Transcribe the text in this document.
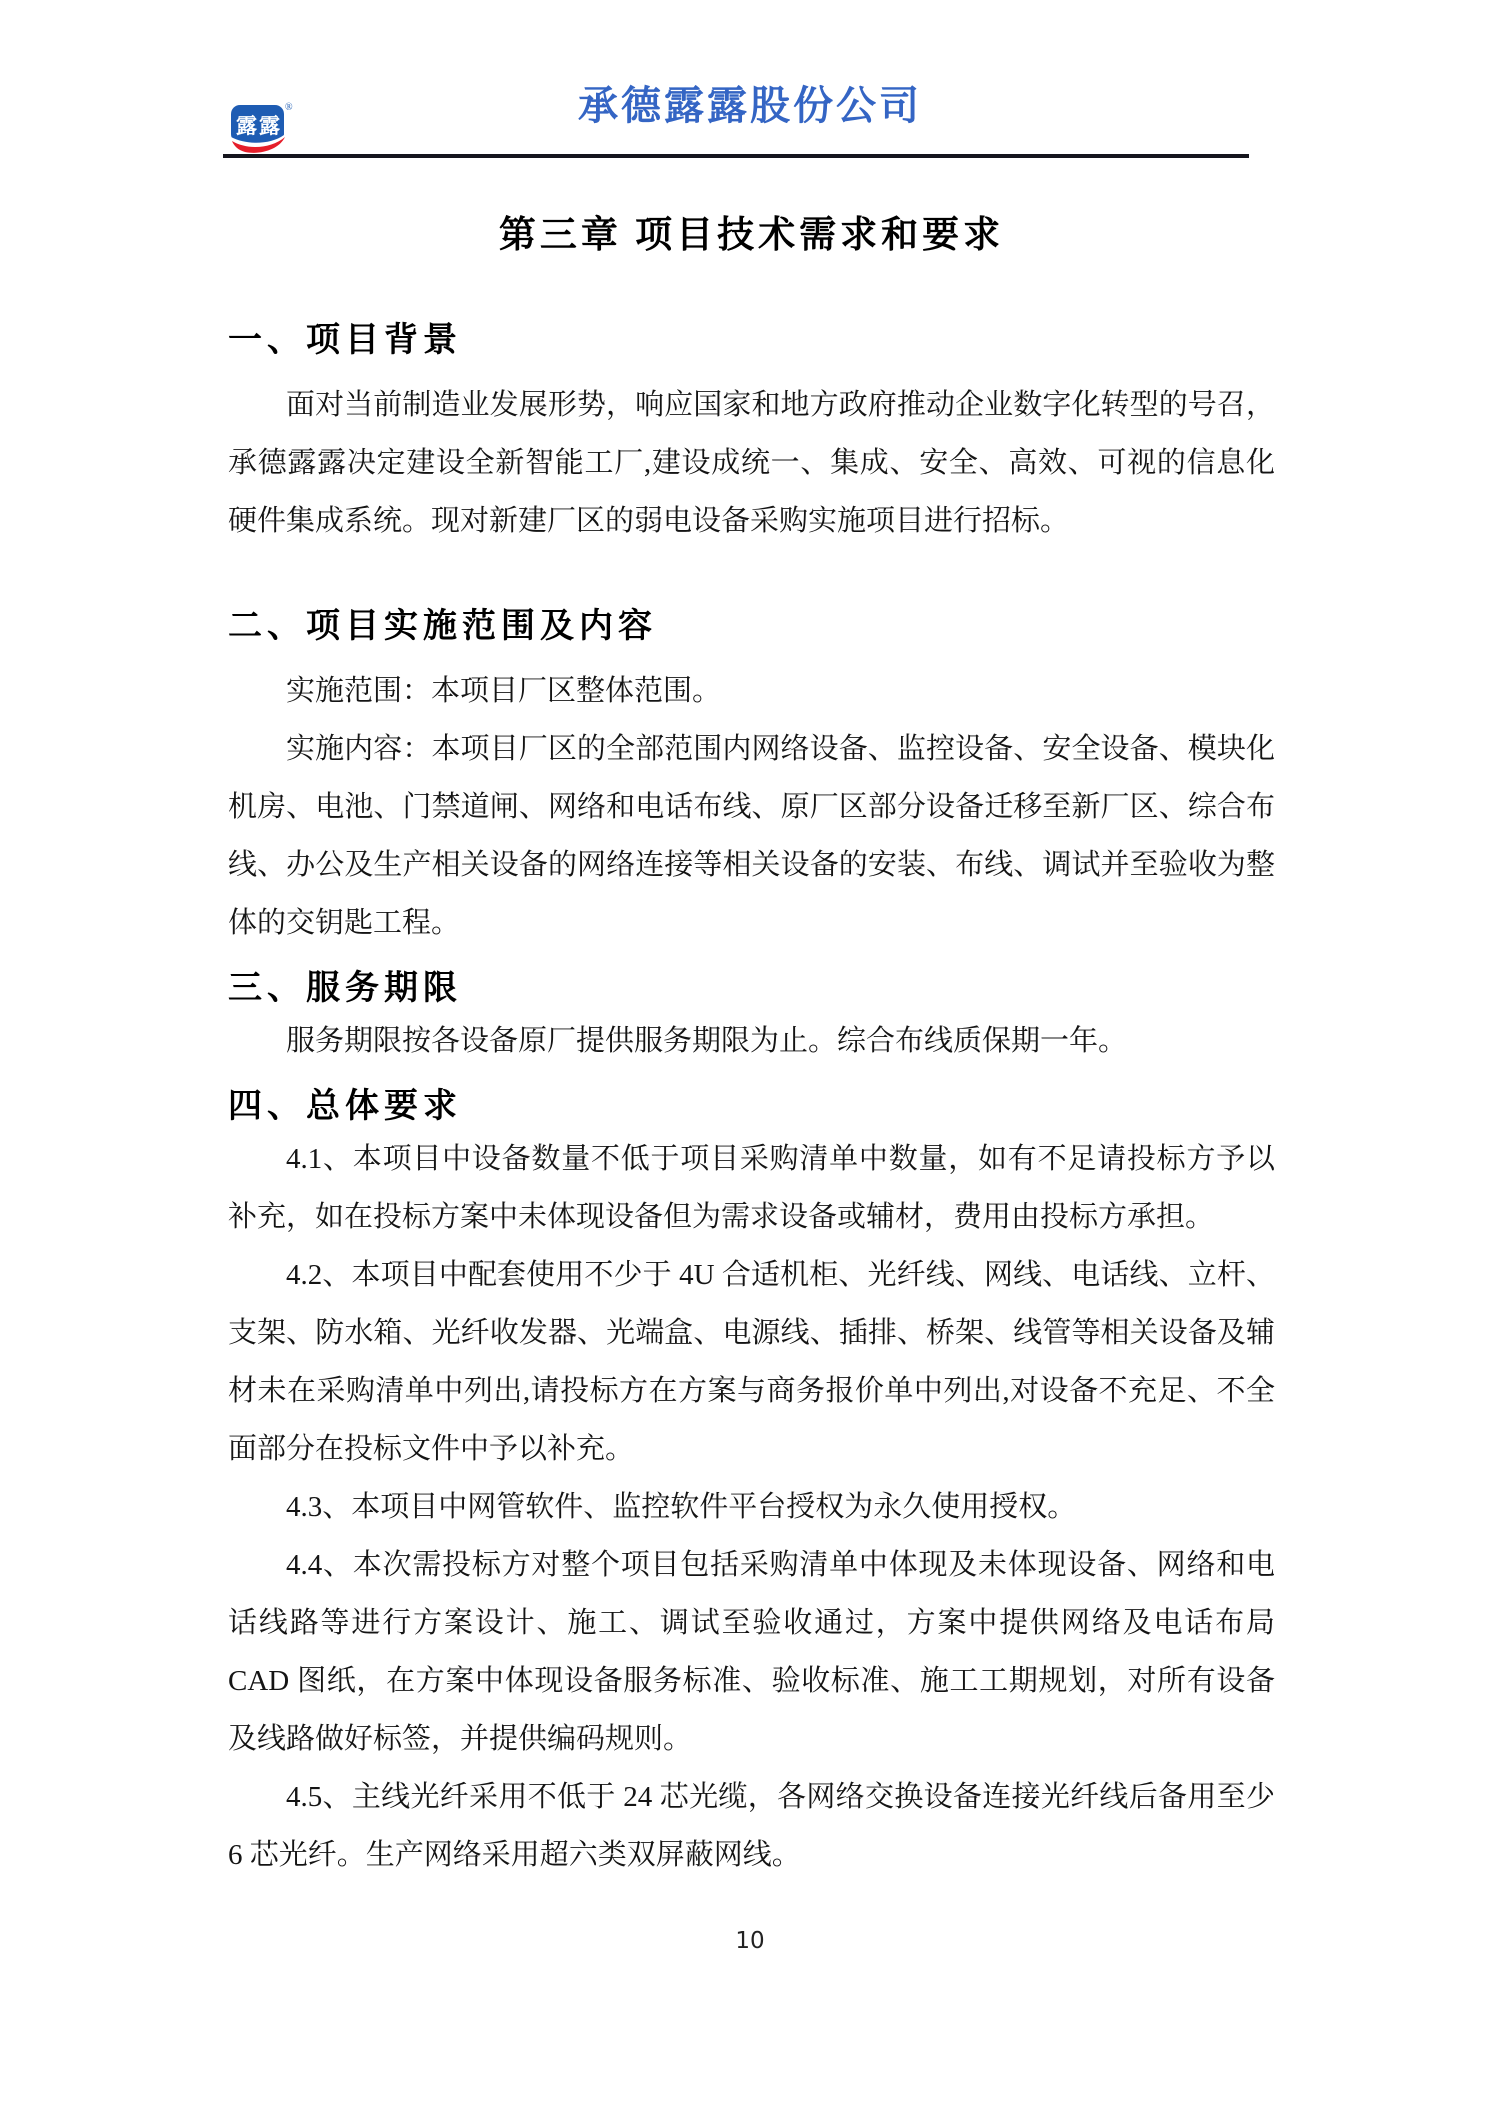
承德露露股份公司
露 露
®
第三章 项目技术需求和要求
一、项目背景

面对当前制造业发展形势，响应国家和地方政府推动企业数字化转型的号召，承德露露决定建设全新智能工厂,建设成统一、集成、安全、高效、可视的信息化硬件集成系统。现对新建厂区的弱电设备采购实施项目进行招标。

二、项目实施范围及内容

实施范围：本项目厂区整体范围。

实施内容：本项目厂区的全部范围内网络设备、监控设备、安全设备、模块化机房、电池、门禁道闸、网络和电话布线、原厂区部分设备迁移至新厂区、综合布线、办公及生产相关设备的网络连接等相关设备的安装、布线、调试并至验收为整体的交钥匙工程。

三、服务期限

服务期限按各设备原厂提供服务期限为止。综合布线质保期一年。

四、总体要求

4.1、本项目中设备数量不低于项目采购清单中数量，如有不足请投标方予以补充，如在投标方案中未体现设备但为需求设备或辅材，费用由投标方承担。

4.2、本项目中配套使用不少于 4U 合适机柜、光纤线、网线、电话线、立杆、支架、防水箱、光纤收发器、光端盒、电源线、插排、桥架、线管等相关设备及辅材未在采购清单中列出,请投标方在方案与商务报价单中列出,对设备不充足、不全面部分在投标文件中予以补充。

4.3、本项目中网管软件、监控软件平台授权为永久使用授权。

4.4、本次需投标方对整个项目包括采购清单中体现及未体现设备、网络和电话线路等进行方案设计、施工、调试至验收通过，方案中提供网络及电话布局 CAD 图纸，在方案中体现设备服务标准、验收标准、施工工期规划，对所有设备及线路做好标签，并提供编码规则。

4.5、主线光纤采用不低于 24 芯光缆，各网络交换设备连接光纤线后备用至少 6 芯光纤。生产网络采用超六类双屏蔽网线。

10
